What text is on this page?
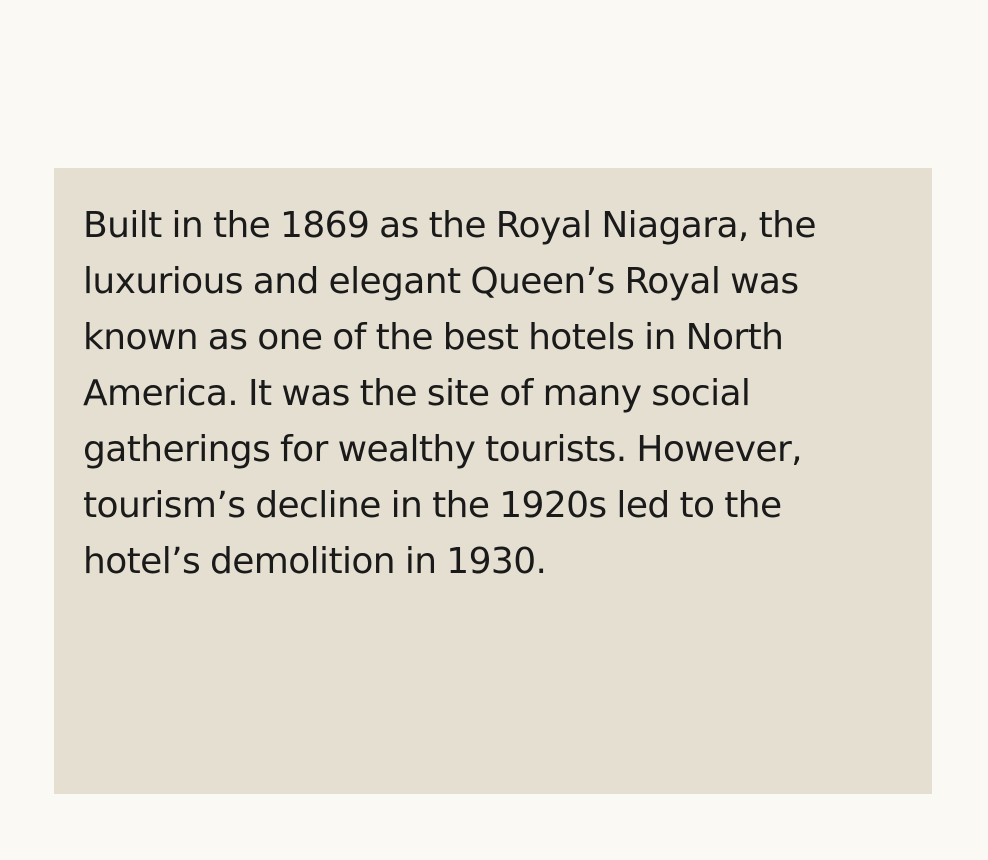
Built in the 1869 as the Royal Niagara, the luxurious and elegant Queen’s Royal was known as one of the best hotels in North America. It was the site of many social gatherings for wealthy tourists. However, tourism’s decline in the 1920s led to the hotel’s demolition in 1930.
